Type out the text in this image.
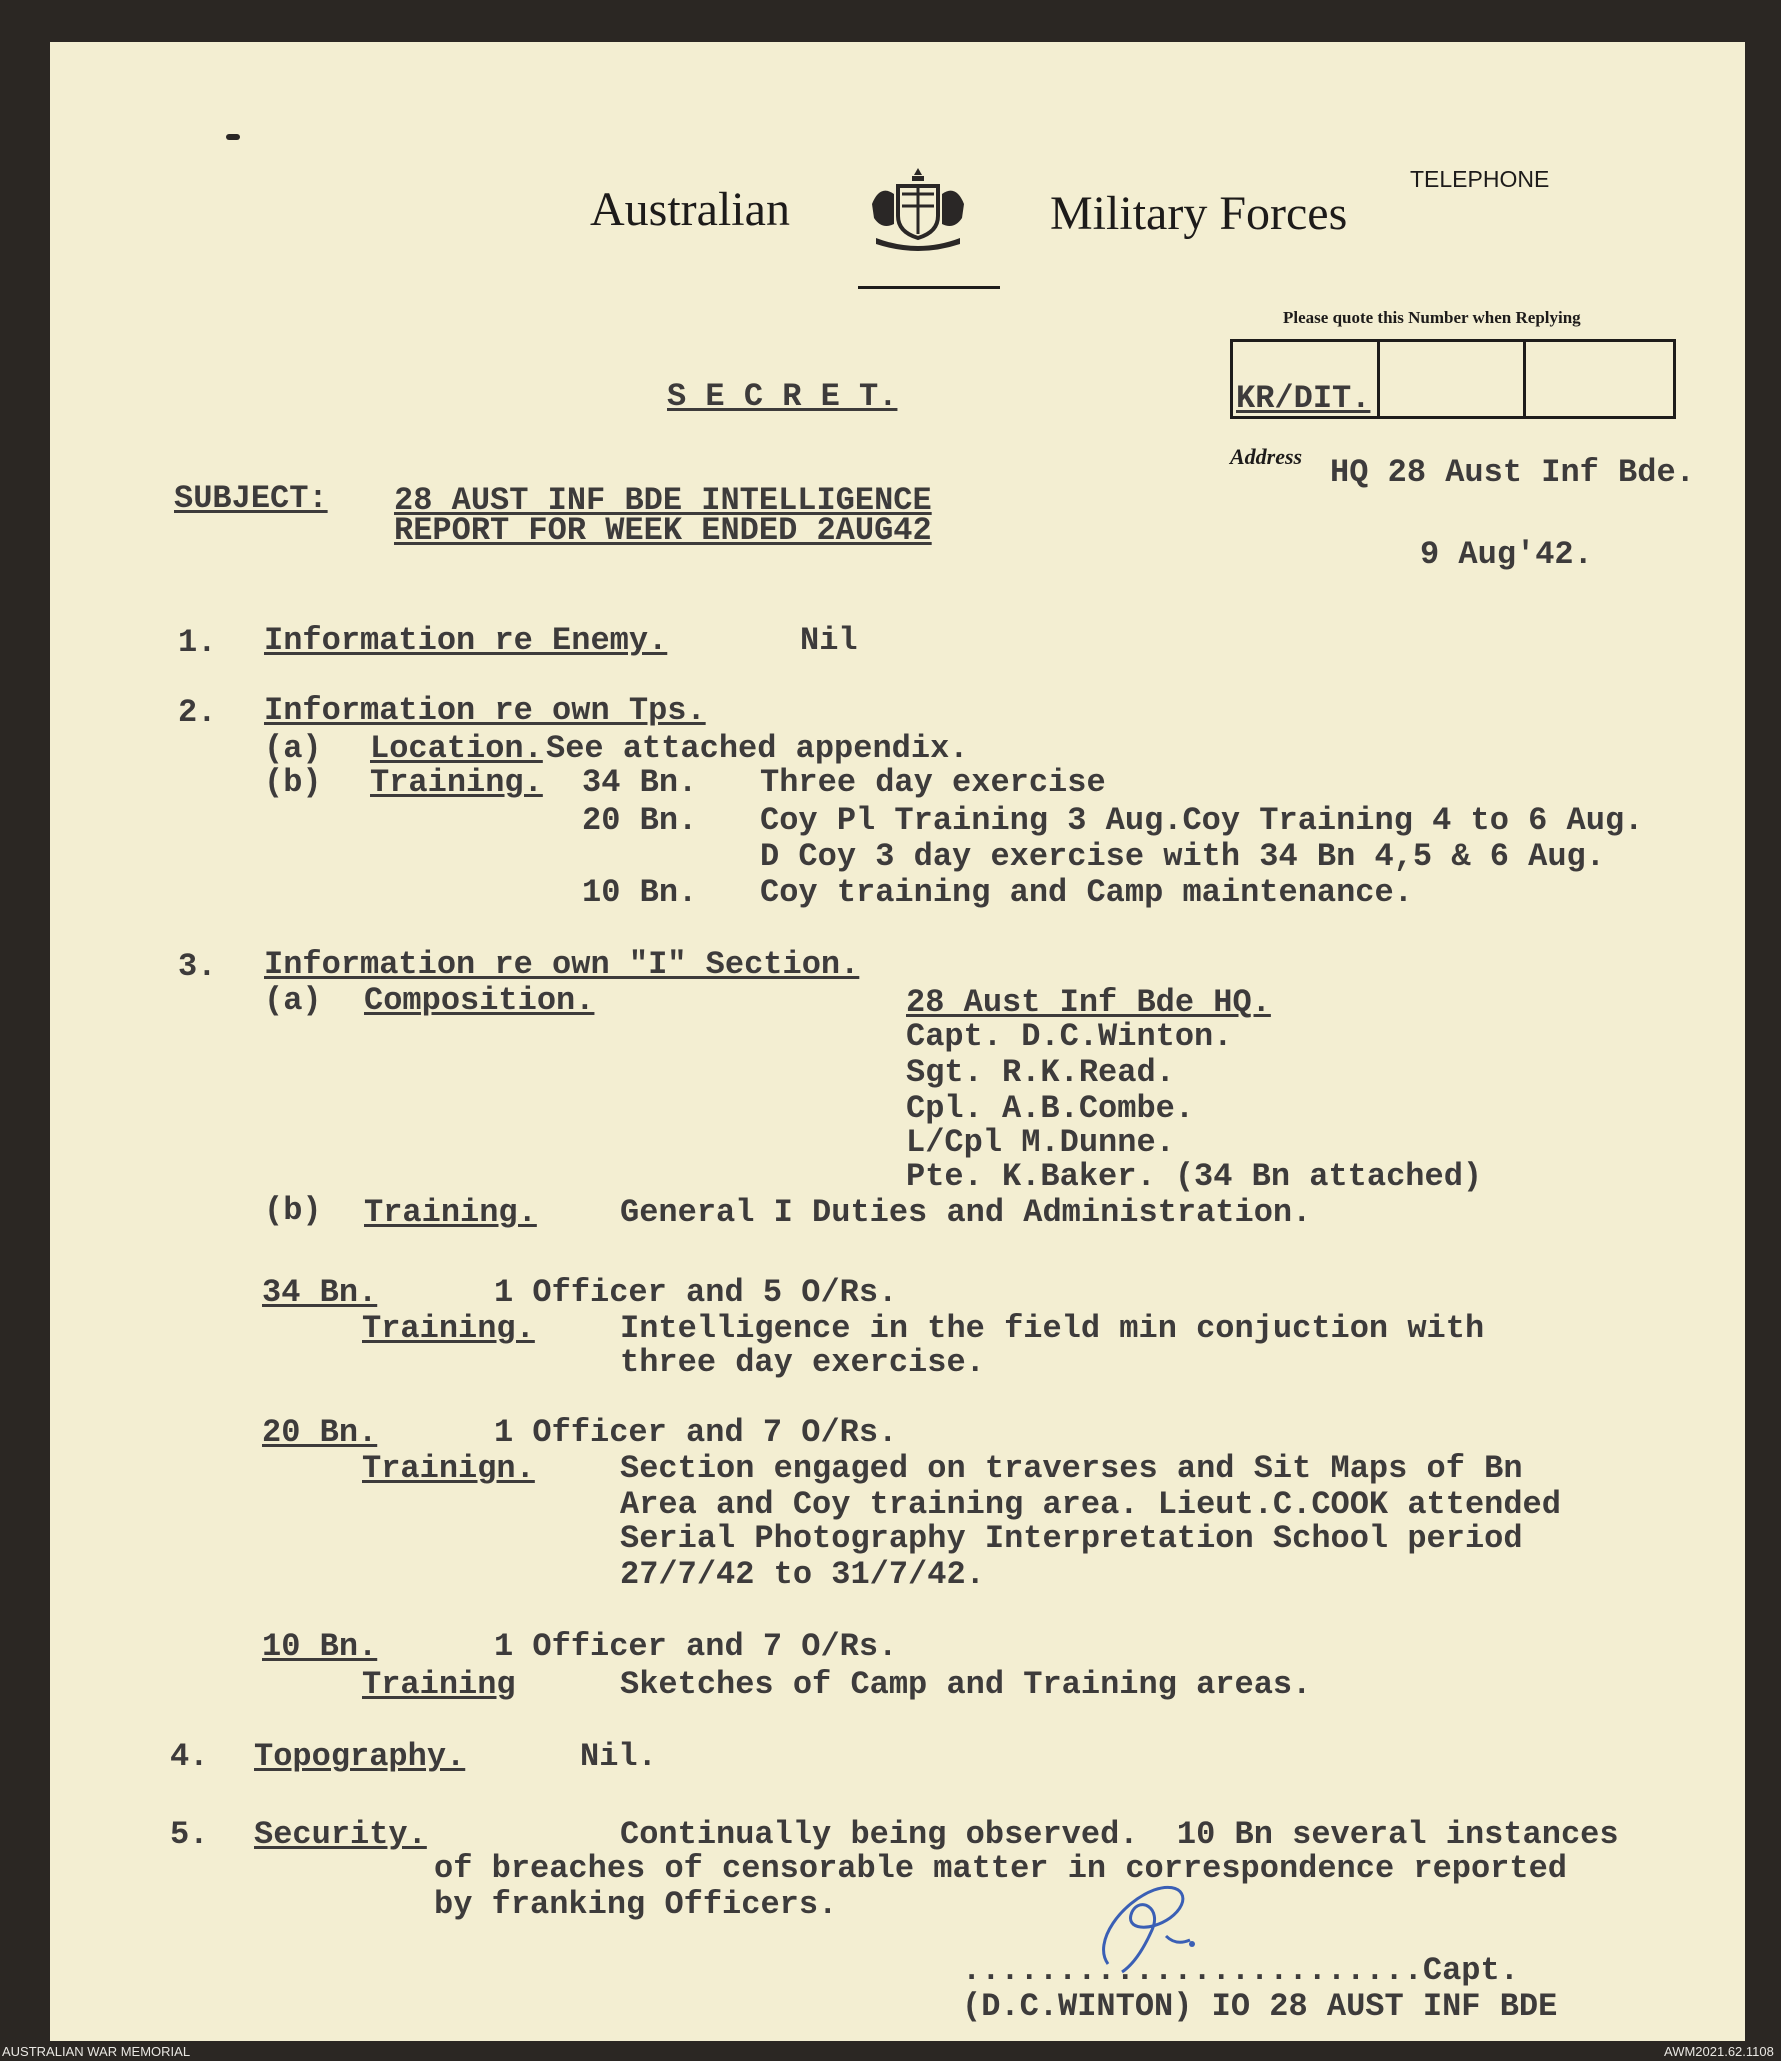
Australian	Military Forces
TELEPHONE
Please quote this Number when Replying
KR/DIT.
Address HQ 28 Aust Inf Bde.
9 Aug'42.
S E C R E T.
SUBJECT: 28 AUST INF BDE INTELLIGENCE
REPORT FOR WEEK ENDED 2AUG42
1. Information re Enemy.	Nil
2. Information re own Tps.
(a) Location. See attached appendix.
(b) Training. 34 Bn. Three day exercise
20 Bn. Coy Pl Training 3 Aug.Coy Training 4 to 6 Aug.
D Coy 3 day exercise with 34 Bn 4,5 & 6 Aug.
10 Bn. Coy training and Camp maintenance.
3. Information re own "I" Section.
(a) Composition.	28 Aust Inf Bde HQ.
Capt. D.C.Winton.
Sgt. R.K.Read.
Cpl. A.B.Combe.
L/Cpl M.Dunne.
Pte. K.Baker. (34 Bn attached)
(b) Training.	General I Duties and Administration.
34 Bn.	1 Officer and 5 O/Rs.
Training.	Intelligence in the field min conjuction with
three day exercise.
20 Bn.	1 Officer and 7 O/Rs.
Trainign.	Section engaged on traverses and Sit Maps of Bn
Area and Coy training area. Lieut.C.COOK attended
Serial Photography Interpretation School period
27/7/42 to 31/7/42.
10 Bn.	1 Officer and 7 O/Rs.
Training	Sketches of Camp and Training areas.
4. Topography.	Nil.
5. Security.	Continually being observed.  10 Bn several instances
of breaches of censorable matter in correspondence reported
by franking Officers.
........................Capt.
(D.C.WINTON) IO 28 AUST INF BDE
AUSTRALIAN WAR MEMORIAL	AWM2021.62.1108
